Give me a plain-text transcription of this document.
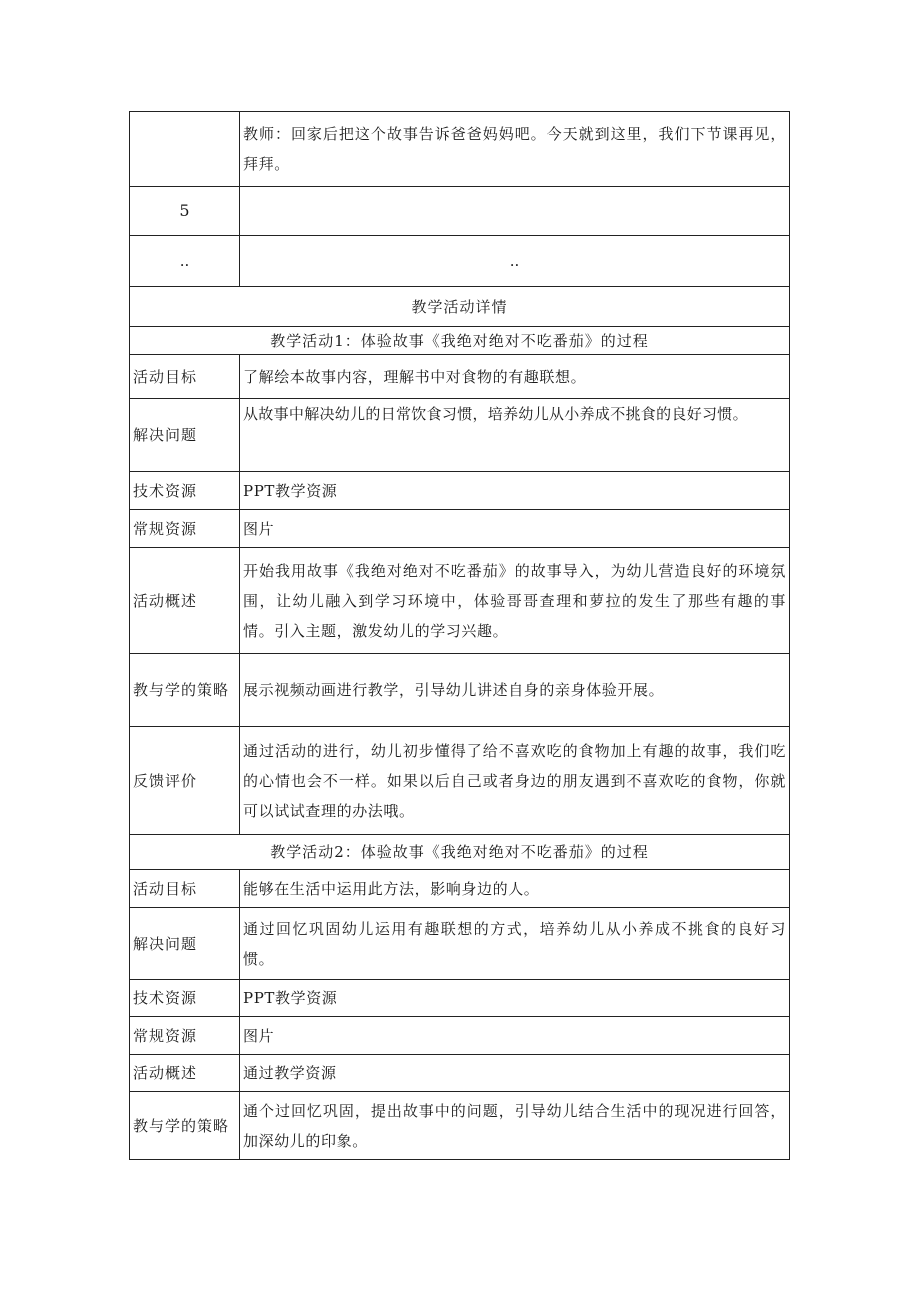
	教师：回家后把这个故事告诉爸爸妈妈吧。今天就到这里，我们下节课再见，拜拜。
5	
..	..
教学活动详情	
教学活动1：体验故事《我绝对绝对不吃番茄》的过程	
活动目标	了解绘本故事内容，理解书中对食物的有趣联想。
解决问题	从故事中解决幼儿的日常饮食习惯，培养幼儿从小养成不挑食的良好习惯。
技术资源	PPT教学资源
常规资源	图片
活动概述	开始我用故事《我绝对绝对不吃番茄》的故事导入，为幼儿营造良好的环境氛围，让幼儿融入到学习环境中，体验哥哥查理和萝拉的发生了那些有趣的事情。引入主题，激发幼儿的学习兴趣。
教与学的策略	展示视频动画进行教学，引导幼儿讲述自身的亲身体验开展。
反馈评价	通过活动的进行，幼儿初步懂得了给不喜欢吃的食物加上有趣的故事，我们吃的心情也会不一样。如果以后自己或者身边的朋友遇到不喜欢吃的食物，你就可以试试查理的办法哦。
教学活动2：体验故事《我绝对绝对不吃番茄》的过程	
活动目标	能够在生活中运用此方法，影响身边的人。
解决问题	通过回忆巩固幼儿运用有趣联想的方式，培养幼儿从小养成不挑食的良好习惯。
技术资源	PPT教学资源
常规资源	图片
活动概述	通过教学资源
教与学的策略	通个过回忆巩固，提出故事中的问题，引导幼儿结合生活中的现况进行回答，加深幼儿的印象。
